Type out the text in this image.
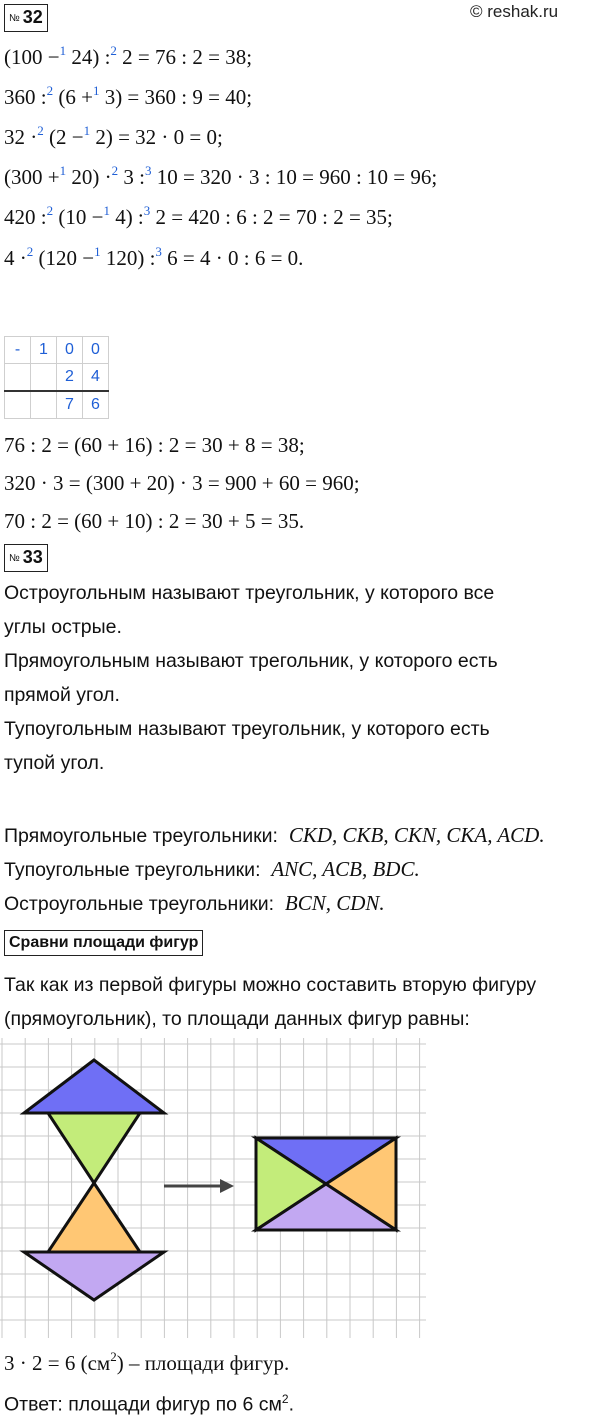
© reshak.ru
№ 32
(100 −$^1$ 24) :$^2$ 2 = 76 : 2 = 38;
360 :$^2$ (6 +$^1$ 3) = 360 : 9 = 40;
32 ·$^2$ (2 −$^1$ 2) = 32 · 0 = 0;
(300 +$^1$ 20) ·$^2$ 3 :$^3$ 10 = 320 · 3 : 10 = 960 : 10 = 96;
420 :$^2$ (10 −$^1$ 4) :$^3$ 2 = 420 : 6 : 2 = 70 : 2 = 35;
4 ·$^2$ (120 −$^1$ 120) :$^3$ 6 = 4 · 0 : 6 = 0.
-	1	0	0
		2	4
		7	6
76 : 2 = (60 + 16) : 2 = 30 + 8 = 38;
320 · 3 = (300 + 20) · 3 = 900 + 60 = 960;
70 : 2 = (60 + 10) : 2 = 30 + 5 = 35.
№ 33
Остроугольным называют треугольник, у которого все
углы острые.
Прямоугольным называют трегольник, у которого есть
прямой угол.
Тупоугольным называют треугольник, у которого есть
тупой угол.
Прямоугольные треугольники: CKD, CKB, CKN, CKA, ACD.
Тупоугольные треугольники: ANC, ACB, BDC.
Остроугольные треугольники: BCN, CDN.
Сравни площади фигур
Так как из первой фигуры можно составить вторую фигуру
(прямоугольник), то площади данных фигур равны:
3 · 2 = 6 $(см^2)$ – площади фигур.
Ответ: площади фигур по 6 $см^2$.
